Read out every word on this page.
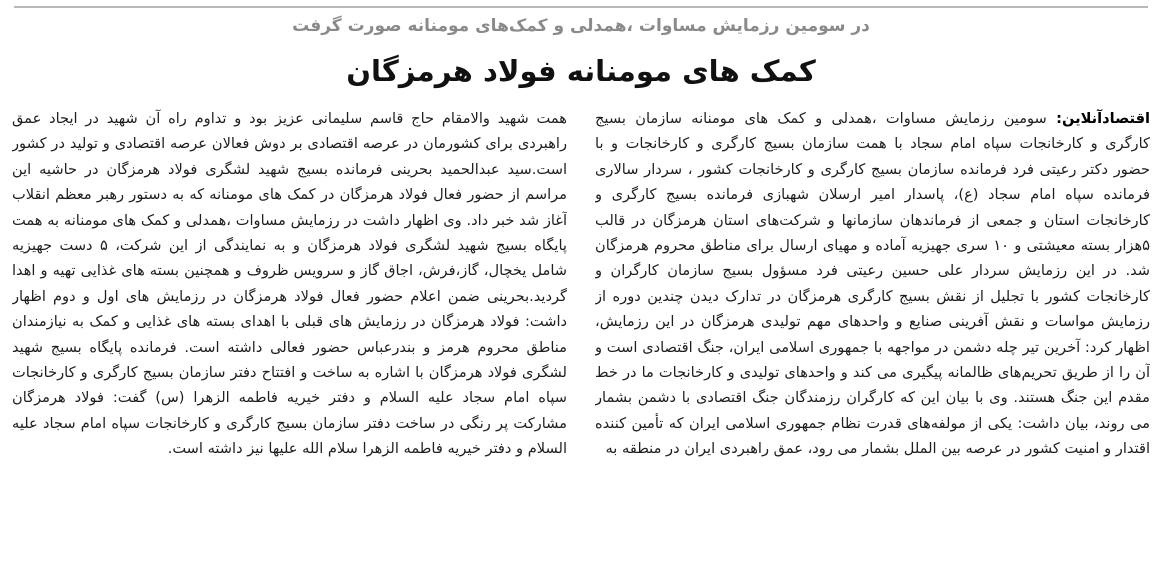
در سومین رزمایش مساوات ،همدلی و کمک‌های مومنانه صورت گرفت
کمک های مومنانه فولاد هرمزگان
اقتصادآنلاین: سومین رزمایش مساوات ،همدلی و کمک های مومنانه سازمان بسیج کارگری و کارخانجات سپاه امام سجاد با همت سازمان بسیج کارگری و کارخانجات و با حضور دکتر رعیتی فرد فرمانده سازمان بسیج کارگری و کارخانجات کشور ، سردار سالاری فرمانده سپاه امام سجاد (ع)، پاسدار امیر ارسلان شهبازی فرمانده بسیج کارگری و کارخانجات استان و جمعی از فرماندهان سازمانها و شرکت‌های استان هرمزگان در قالب ۵هزار بسته معیشتی و ۱۰ سری جهیزیه آماده و مهیای ارسال برای مناطق محروم هرمزگان شد. در این رزمایش سردار علی حسین رعیتی فرد مسؤول بسیج سازمان کارگران و کارخانجات کشور با تجلیل از نقش بسیج کارگری هرمزگان در تدارک دیدن چندین دوره از رزمایش مواسات و نقش آفرینی صنایع و واحدهای مهم تولیدی هرمزگان در این رزمایش، اظهار کرد: آخرین تیر چله دشمن در مواجهه با جمهوری اسلامی ایران، جنگ اقتصادی است و آن را از طریق تحریم‌های ظالمانه پیگیری می کند و واحدهای تولیدی و کارخانجات ما در خط مقدم این جنگ هستند. وی با بیان این که کارگران رزمندگان جنگ اقتصادی با دشمن بشمار می روند، بیان داشت: یکی از مولفه‌های قدرت نظام جمهوری اسلامی ایران که تأمین کننده اقتدار و امنیت کشور در عرصه بین الملل بشمار می رود، عمق راهبردی ایران در منطقه به
همت شهید والامقام حاج قاسم سلیمانی عزیز بود و تداوم راه آن شهید در ایجاد عمق راهبردی برای کشورمان در عرصه اقتصادی بر دوش فعالان عرصه اقتصادی و تولید در کشور است.سید عبدالحمید بحرینی فرمانده بسیج شهید لشگری فولاد هرمزگان در حاشیه این مراسم از حضور فعال فولاد هرمزگان در کمک های مومنانه که به دستور رهبر معظم انقلاب آغاز شد خبر داد. وی اظهار داشت در رزمایش مساوات ،همدلی و کمک های مومنانه به همت پایگاه بسیج شهید لشگری فولاد هرمزگان و به نمایندگی از این شرکت، ۵ دست جهیزیه شامل یخچال، گاز،فرش، اجاق گاز و سرویس ظروف و همچنین بسته های غذایی تهیه و اهدا گردید.بحرینی ضمن اعلام حضور فعال فولاد هرمزگان در رزمایش های اول و دوم اظهار داشت: فولاد هرمزگان در رزمایش های قبلی با اهدای بسته های غذایی و کمک به نیازمندان مناطق محروم هرمز و بندرعباس حضور فعالی داشته است. فرمانده پایگاه بسیج شهید لشگری فولاد هرمزگان با اشاره به ساخت و افتتاح دفتر سازمان بسیج کارگری و کارخانجات سپاه امام سجاد علیه السلام و دفتر خیریه فاطمه الزهرا (س) گفت: فولاد هرمزگان مشارکت پر رنگی در ساخت دفتر سازمان بسیج کارگری و کارخانجات سپاه امام سجاد علیه السلام و دفتر خیریه فاطمه الزهرا سلام الله علیها نیز داشته است.
